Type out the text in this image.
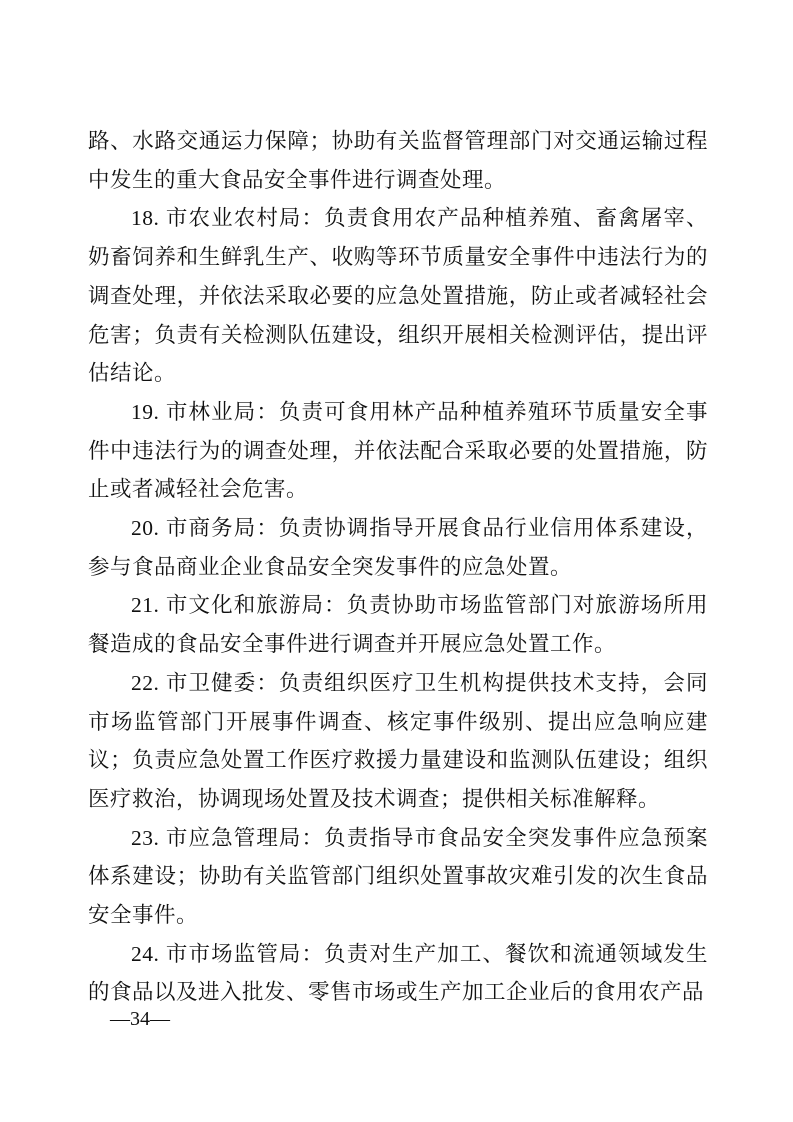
路、水路交通运力保障；协助有关监督管理部门对交通运输过程中发生的重大食品安全事件进行调查处理。

18. 市农业农村局：负责食用农产品种植养殖、畜禽屠宰、奶畜饲养和生鲜乳生产、收购等环节质量安全事件中违法行为的调查处理，并依法采取必要的应急处置措施，防止或者减轻社会危害；负责有关检测队伍建设，组织开展相关检测评估，提出评估结论。

19. 市林业局：负责可食用林产品种植养殖环节质量安全事件中违法行为的调查处理，并依法配合采取必要的处置措施，防止或者减轻社会危害。

20. 市商务局：负责协调指导开展食品行业信用体系建设，参与食品商业企业食品安全突发事件的应急处置。

21. 市文化和旅游局：负责协助市场监管部门对旅游场所用餐造成的食品安全事件进行调查并开展应急处置工作。

22. 市卫健委：负责组织医疗卫生机构提供技术支持，会同市场监管部门开展事件调查、核定事件级别、提出应急响应建议；负责应急处置工作医疗救援力量建设和监测队伍建设；组织医疗救治，协调现场处置及技术调查；提供相关标准解释。

23. 市应急管理局：负责指导市食品安全突发事件应急预案体系建设；协助有关监管部门组织处置事故灾难引发的次生食品安全事件。

24. 市市场监管局：负责对生产加工、餐饮和流通领域发生的食品以及进入批发、零售市场或生产加工企业后的食用农产品

—34—
